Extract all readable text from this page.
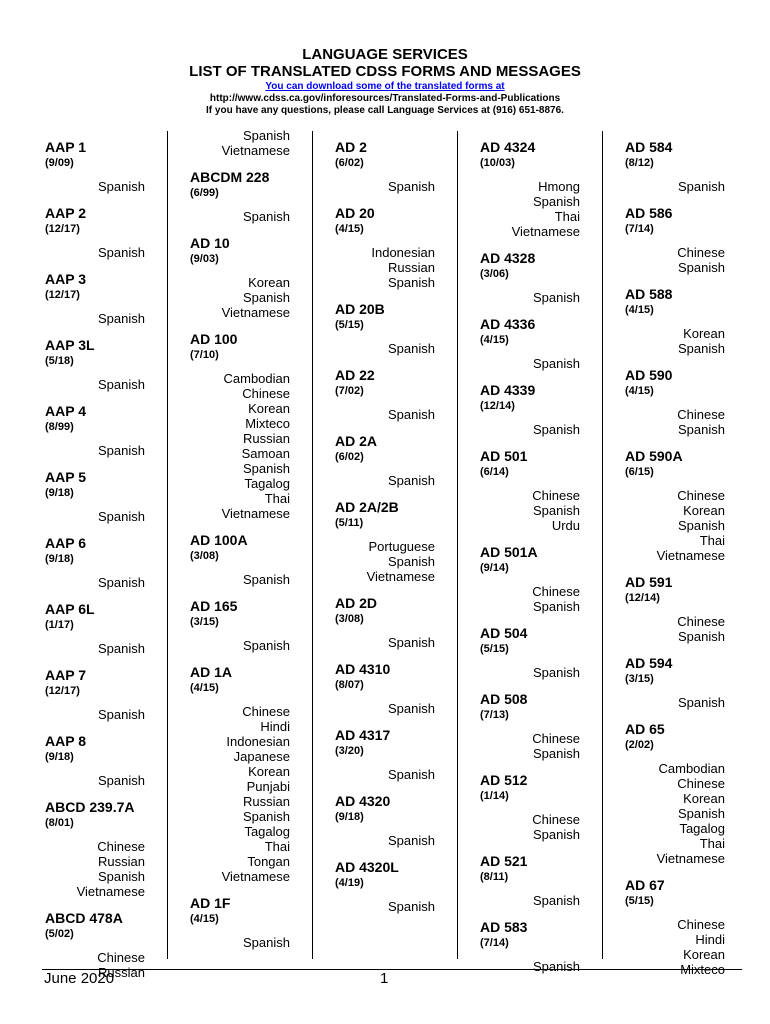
LANGUAGE SERVICES
LIST OF TRANSLATED CDSS FORMS AND MESSAGES
You can download some of the translated forms at
http://www.cdss.ca.gov/inforesources/Translated-Forms-and-Publications
If you have any questions, please call Language Services at (916) 651-8876.
AAP 1
(9/09)
Spanish
AAP 2
(12/17)
Spanish
AAP 3
(12/17)
Spanish
AAP 3L
(5/18)
Spanish
AAP 4
(8/99)
Spanish
AAP 5
(9/18)
Spanish
AAP 6
(9/18)
Spanish
AAP 6L
(1/17)
Spanish
AAP 7
(12/17)
Spanish
AAP 8
(9/18)
Spanish
ABCD 239.7A
(8/01)
Chinese
Russian
Spanish
Vietnamese
ABCD 478A
(5/02)
Chinese
Russian
Spanish
Vietnamese
ABCDM 228
(6/99)
Spanish
AD 10
(9/03)
Korean
Spanish
Vietnamese
AD 100
(7/10)
Cambodian
Chinese
Korean
Mixteco
Russian
Samoan
Spanish
Tagalog
Thai
Vietnamese
AD 100A
(3/08)
Spanish
AD 165
(3/15)
Spanish
AD 1A
(4/15)
Chinese
Hindi
Indonesian
Japanese
Korean
Punjabi
Russian
Spanish
Tagalog
Thai
Tongan
Vietnamese
AD 1F
(4/15)
Spanish
AD 2
(6/02)
Spanish
AD 20
(4/15)
Indonesian
Russian
Spanish
AD 20B
(5/15)
Spanish
AD 22
(7/02)
Spanish
AD 2A
(6/02)
Spanish
AD 2A/2B
(5/11)
Portuguese
Spanish
Vietnamese
AD 2D
(3/08)
Spanish
AD 4310
(8/07)
Spanish
AD 4317
(3/20)
Spanish
AD 4320
(9/18)
Spanish
AD 4320L
(4/19)
Spanish
AD 4324
(10/03)
Hmong
Spanish
Thai
Vietnamese
AD 4328
(3/06)
Spanish
AD 4336
(4/15)
Spanish
AD 4339
(12/14)
Spanish
AD 501
(6/14)
Chinese
Spanish
Urdu
AD 501A
(9/14)
Chinese
Spanish
AD 504
(5/15)
Spanish
AD 508
(7/13)
Chinese
Spanish
AD 512
(1/14)
Chinese
Spanish
AD 521
(8/11)
Spanish
AD 583
(7/14)
Spanish
AD 584
(8/12)
Spanish
AD 586
(7/14)
Chinese
Spanish
AD 588
(4/15)
Korean
Spanish
AD 590
(4/15)
Chinese
Spanish
AD 590A
(6/15)
Chinese
Korean
Spanish
Thai
Vietnamese
AD 591
(12/14)
Chinese
Spanish
AD 594
(3/15)
Spanish
AD 65
(2/02)
Cambodian
Chinese
Korean
Spanish
Tagalog
Thai
Vietnamese
AD 67
(5/15)
Chinese
Hindi
Korean
Mixteco
June 2020	1
